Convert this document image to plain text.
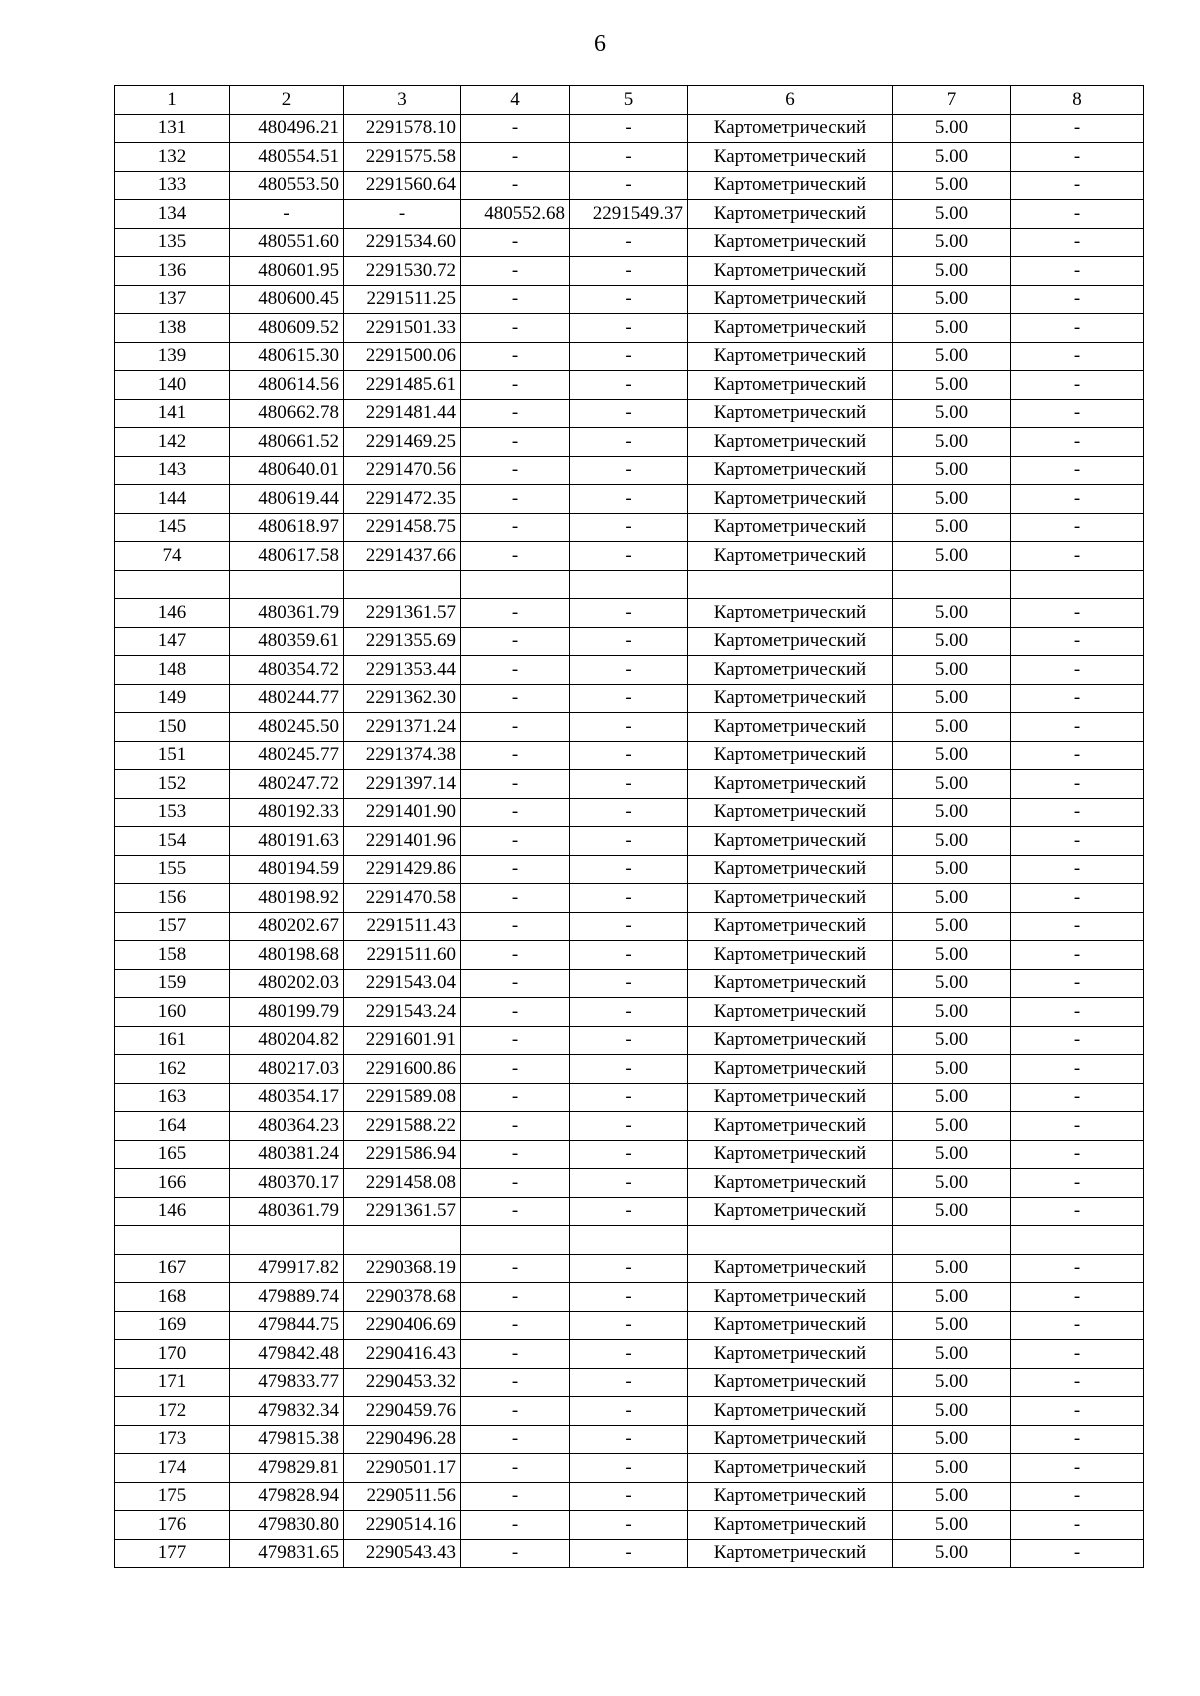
6
1	2	3	4	5	6	7	8
131	480496.21	2291578.10	-	-	Картометрический	5.00	-
132	480554.51	2291575.58	-	-	Картометрический	5.00	-
133	480553.50	2291560.64	-	-	Картометрический	5.00	-
134	-	-	480552.68	2291549.37	Картометрический	5.00	-
135	480551.60	2291534.60	-	-	Картометрический	5.00	-
136	480601.95	2291530.72	-	-	Картометрический	5.00	-
137	480600.45	2291511.25	-	-	Картометрический	5.00	-
138	480609.52	2291501.33	-	-	Картометрический	5.00	-
139	480615.30	2291500.06	-	-	Картометрический	5.00	-
140	480614.56	2291485.61	-	-	Картометрический	5.00	-
141	480662.78	2291481.44	-	-	Картометрический	5.00	-
142	480661.52	2291469.25	-	-	Картометрический	5.00	-
143	480640.01	2291470.56	-	-	Картометрический	5.00	-
144	480619.44	2291472.35	-	-	Картометрический	5.00	-
145	480618.97	2291458.75	-	-	Картометрический	5.00	-
74	480617.58	2291437.66	-	-	Картометрический	5.00	-

146	480361.79	2291361.57	-	-	Картометрический	5.00	-
147	480359.61	2291355.69	-	-	Картометрический	5.00	-
148	480354.72	2291353.44	-	-	Картометрический	5.00	-
149	480244.77	2291362.30	-	-	Картометрический	5.00	-
150	480245.50	2291371.24	-	-	Картометрический	5.00	-
151	480245.77	2291374.38	-	-	Картометрический	5.00	-
152	480247.72	2291397.14	-	-	Картометрический	5.00	-
153	480192.33	2291401.90	-	-	Картометрический	5.00	-
154	480191.63	2291401.96	-	-	Картометрический	5.00	-
155	480194.59	2291429.86	-	-	Картометрический	5.00	-
156	480198.92	2291470.58	-	-	Картометрический	5.00	-
157	480202.67	2291511.43	-	-	Картометрический	5.00	-
158	480198.68	2291511.60	-	-	Картометрический	5.00	-
159	480202.03	2291543.04	-	-	Картометрический	5.00	-
160	480199.79	2291543.24	-	-	Картометрический	5.00	-
161	480204.82	2291601.91	-	-	Картометрический	5.00	-
162	480217.03	2291600.86	-	-	Картометрический	5.00	-
163	480354.17	2291589.08	-	-	Картометрический	5.00	-
164	480364.23	2291588.22	-	-	Картометрический	5.00	-
165	480381.24	2291586.94	-	-	Картометрический	5.00	-
166	480370.17	2291458.08	-	-	Картометрический	5.00	-
146	480361.79	2291361.57	-	-	Картометрический	5.00	-

167	479917.82	2290368.19	-	-	Картометрический	5.00	-
168	479889.74	2290378.68	-	-	Картометрический	5.00	-
169	479844.75	2290406.69	-	-	Картометрический	5.00	-
170	479842.48	2290416.43	-	-	Картометрический	5.00	-
171	479833.77	2290453.32	-	-	Картометрический	5.00	-
172	479832.34	2290459.76	-	-	Картометрический	5.00	-
173	479815.38	2290496.28	-	-	Картометрический	5.00	-
174	479829.81	2290501.17	-	-	Картометрический	5.00	-
175	479828.94	2290511.56	-	-	Картометрический	5.00	-
176	479830.80	2290514.16	-	-	Картометрический	5.00	-
177	479831.65	2290543.43	-	-	Картометрический	5.00	-
